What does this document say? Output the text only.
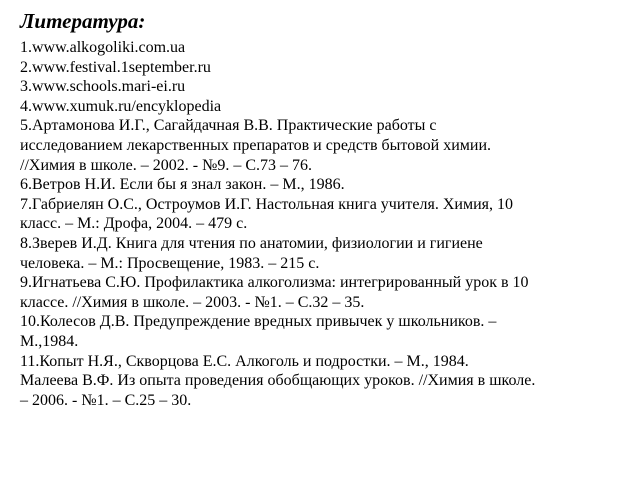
Литература:
1.www.alkogoliki.com.ua
2.www.festival.1september.ru
3.www.schools.mari-ei.ru
4.www.xumuk.ru/encyklopedia
5.Артамонова И.Г., Сагайдачная В.В. Практические работы с
исследованием лекарственных препаратов и средств бытовой химии.
//Химия в школе. – 2002. - №9. – С.73 – 76.
6.Ветров Н.И. Если бы я знал закон. – М., 1986.
7.Габриелян О.С., Остроумов И.Г. Настольная книга учителя. Химия, 10
класс. – М.: Дрофа, 2004. – 479 с.
8.Зверев И.Д. Книга для чтения по анатомии, физиологии и гигиене
человека. – М.: Просвещение, 1983. – 215 с.
9.Игнатьева С.Ю. Профилактика алкоголизма: интегрированный урок в 10
классе. //Химия в школе. – 2003. - №1. – С.32 – 35.
10.Колесов Д.В. Предупреждение вредных привычек у школьников. –
М.,1984.
11.Копыт Н.Я., Скворцова Е.С. Алкоголь и подростки. – М., 1984.
Малеева В.Ф. Из опыта проведения обобщающих уроков. //Химия в школе.
– 2006. - №1. – С.25 – 30.
